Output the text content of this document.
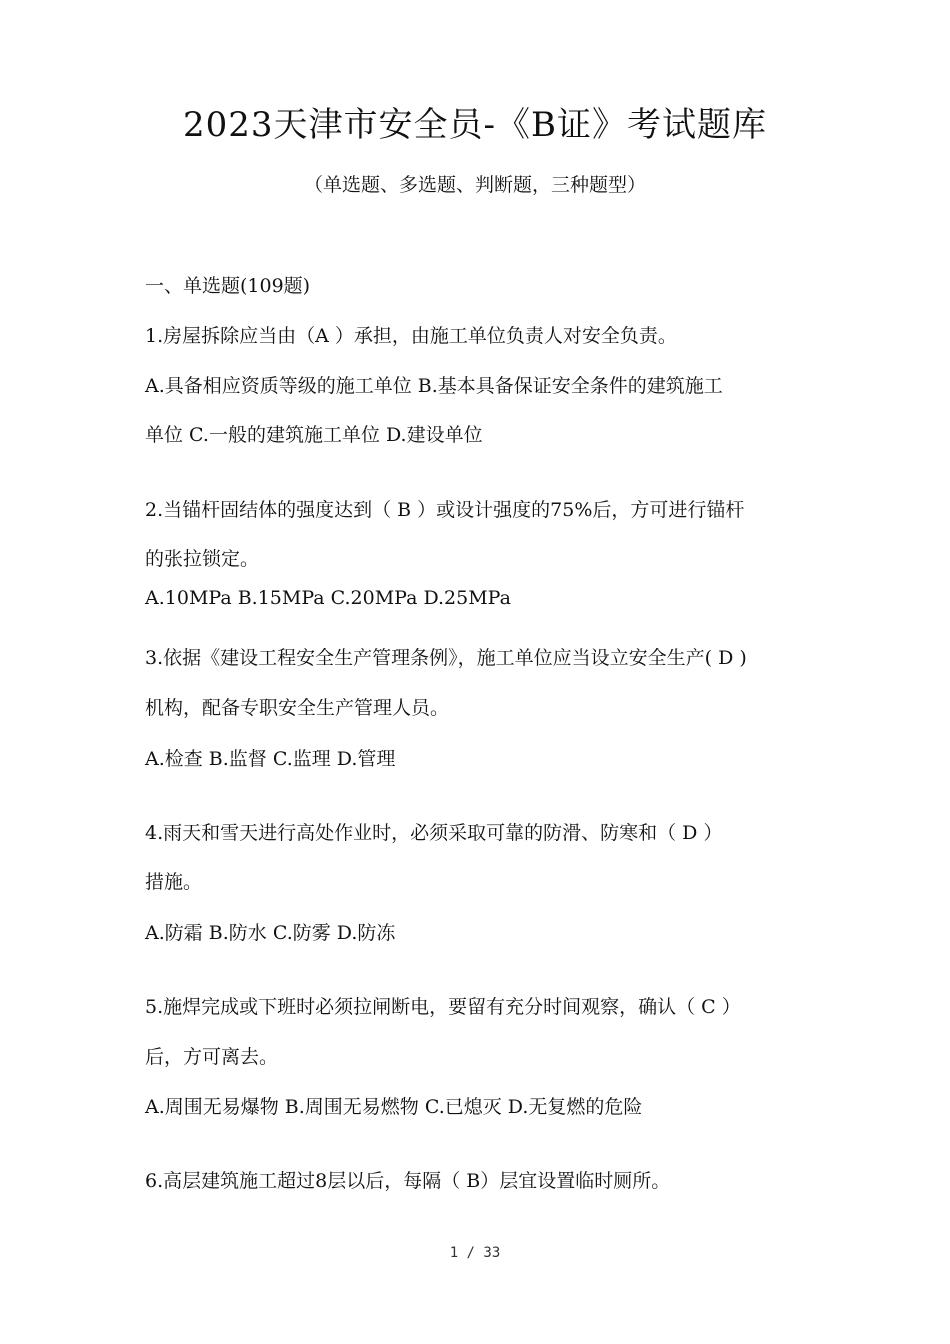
2023天津市安全员-《B证》考试题库
（单选题、多选题、判断题，三种题型）
一、单选题(109题)
1.房屋拆除应当由（A ）承担，由施工单位负责人对安全负责。
A.具备相应资质等级的施工单位 B.基本具备保证安全条件的建筑施工
单位 C.一般的建筑施工单位 D.建设单位
2.当锚杆固结体的强度达到（ B ）或设计强度的75%后，方可进行锚杆
的张拉锁定。
A.10MPa B.15MPa C.20MPa D.25MPa
3.依据《建设工程安全生产管理条例》，施工单位应当设立安全生产( D )
机构，配备专职安全生产管理人员。
A.检查 B.监督 C.监理 D.管理
4.雨天和雪天进行高处作业时，必须采取可靠的防滑、防寒和（ D ）
措施。
A.防霜 B.防水 C.防雾 D.防冻
5.施焊完成或下班时必须拉闸断电，要留有充分时间观察，确认（ C ）
后，方可离去。
A.周围无易爆物 B.周围无易燃物 C.已熄灭 D.无复燃的危险
6.高层建筑施工超过8层以后，每隔（ B）层宜设置临时厕所。
1 / 33
